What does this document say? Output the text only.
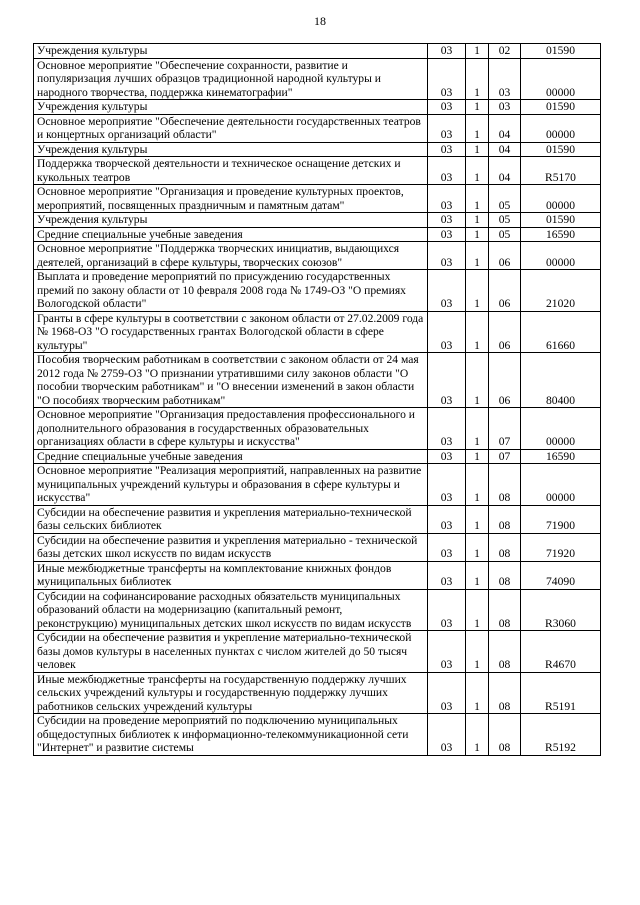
18
Учреждения культуры	03	1	02	01590
Основное мероприятие "Обеспечение сохранности, развитие и популяризация лучших образцов традиционной народной культуры и народного творчества, поддержка кинематографии"	03	1	03	00000
Учреждения культуры	03	1	03	01590
Основное мероприятие "Обеспечение деятельности государственных театров и концертных организаций области"	03	1	04	00000
Учреждения культуры	03	1	04	01590
Поддержка творческой деятельности и техническое оснащение детских и кукольных театров	03	1	04	R5170
Основное мероприятие "Организация и проведение культурных проектов, мероприятий, посвященных праздничным и памятным датам"	03	1	05	00000
Учреждения культуры	03	1	05	01590
Средние специальные учебные заведения	03	1	05	16590
Основное мероприятие "Поддержка творческих инициатив, выдающихся деятелей, организаций в сфере культуры, творческих союзов"	03	1	06	00000
Выплата и проведение мероприятий по присуждению государственных премий по закону области от 10 февраля 2008 года № 1749-ОЗ "О премиях Вологодской области"	03	1	06	21020
Гранты в сфере культуры в соответствии с законом области от 27.02.2009 года № 1968-ОЗ "О государственных грантах Вологодской области в сфере культуры"	03	1	06	61660
Пособия творческим работникам в соответствии с законом области от 24 мая 2012 года № 2759-ОЗ "О признании утратившими силу законов области "О пособии творческим работникам" и "О внесении изменений в закон области "О пособиях творческим работникам"	03	1	06	80400
Основное мероприятие "Организация предоставления профессионального и дополнительного образования в государственных образовательных организациях области в сфере культуры и искусства"	03	1	07	00000
Средние специальные учебные заведения	03	1	07	16590
Основное мероприятие "Реализация мероприятий, направленных на развитие муниципальных учреждений культуры и образования в сфере культуры и искусства"	03	1	08	00000
Субсидии на обеспечение развития и укрепления материально-технической базы сельских библиотек	03	1	08	71900
Субсидии на обеспечение развития и укрепления материально - технической базы детских школ искусств по видам искусств	03	1	08	71920
Иные межбюджетные трансферты на комплектование книжных фондов муниципальных библиотек	03	1	08	74090
Субсидии на софинансирование расходных обязательств муниципальных образований области на модернизацию (капитальный ремонт, реконструкцию) муниципальных детских школ искусств по видам искусств	03	1	08	R3060
Субсидии на обеспечение развития и укрепление материально-технической базы домов культуры в населенных пунктах с числом жителей до 50 тысяч человек	03	1	08	R4670
Иные межбюджетные трансферты на государственную поддержку лучших сельских учреждений культуры и государственную поддержку лучших работников сельских учреждений культуры	03	1	08	R5191
Субсидии на проведение мероприятий по подключению муниципальных общедоступных библиотек к информационно-телекоммуникационной сети "Интернет" и развитие системы	03	1	08	R5192
